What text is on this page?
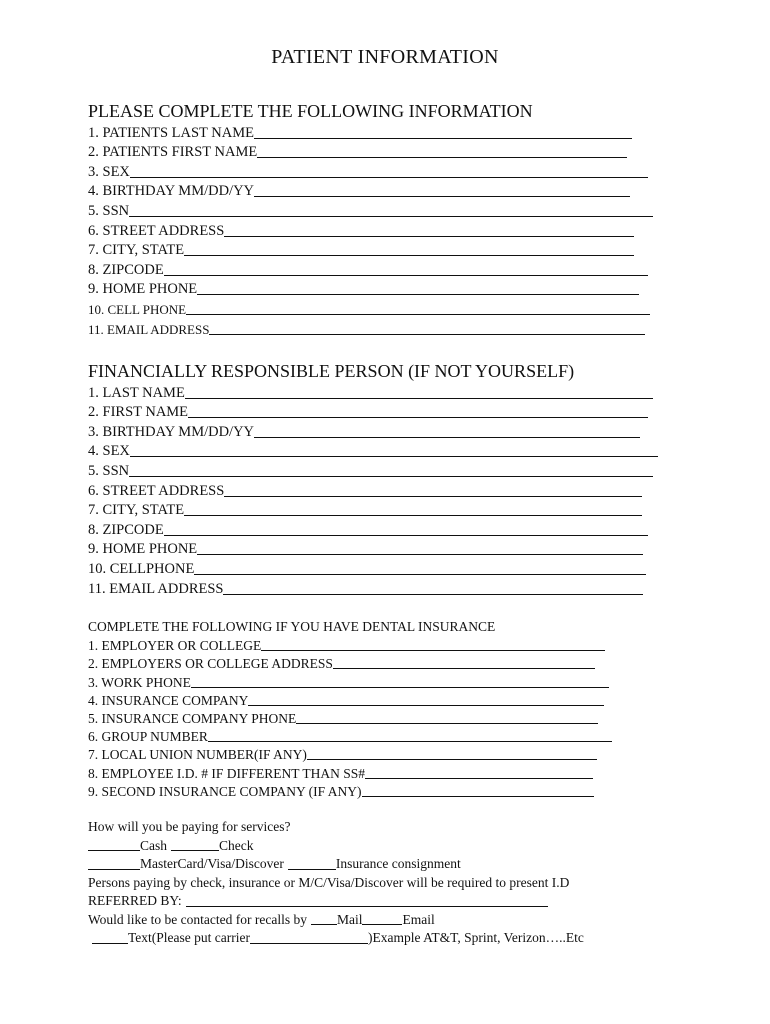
PATIENT INFORMATION
PLEASE COMPLETE THE FOLLOWING INFORMATION
1. PATIENTS LAST NAME
2. PATIENTS FIRST NAME
3. SEX
4. BIRTHDAY MM/DD/YY
5. SSN
6. STREET ADDRESS
7. CITY, STATE
8. ZIPCODE
9. HOME PHONE
10. CELL PHONE
11. EMAIL ADDRESS
FINANCIALLY RESPONSIBLE PERSON (IF NOT YOURSELF)
1. LAST NAME
2. FIRST NAME
3. BIRTHDAY MM/DD/YY
4. SEX
5. SSN
6. STREET ADDRESS
7. CITY, STATE
8. ZIPCODE
9. HOME PHONE
10. CELLPHONE
11. EMAIL ADDRESS
COMPLETE THE FOLLOWING IF YOU HAVE DENTAL INSURANCE
1. EMPLOYER OR COLLEGE
2. EMPLOYERS OR COLLEGE ADDRESS
3. WORK PHONE
4. INSURANCE COMPANY
5. INSURANCE COMPANY PHONE
6. GROUP NUMBER
7. LOCAL UNION NUMBER(IF ANY)
8. EMPLOYEE I.D. # IF DIFFERENT THAN SS#
9. SECOND INSURANCE COMPANY (IF ANY)
How will you be paying for services?
Cash	Check
MasterCard/Visa/Discover	Insurance consignment
Persons paying by check, insurance or M/C/Visa/Discover will be required to present I.D
REFERRED BY:
Would like to be contacted for recalls by Mail	Email
Text(Please put carrier	)Example AT&T, Sprint, Verizon…..Etc
